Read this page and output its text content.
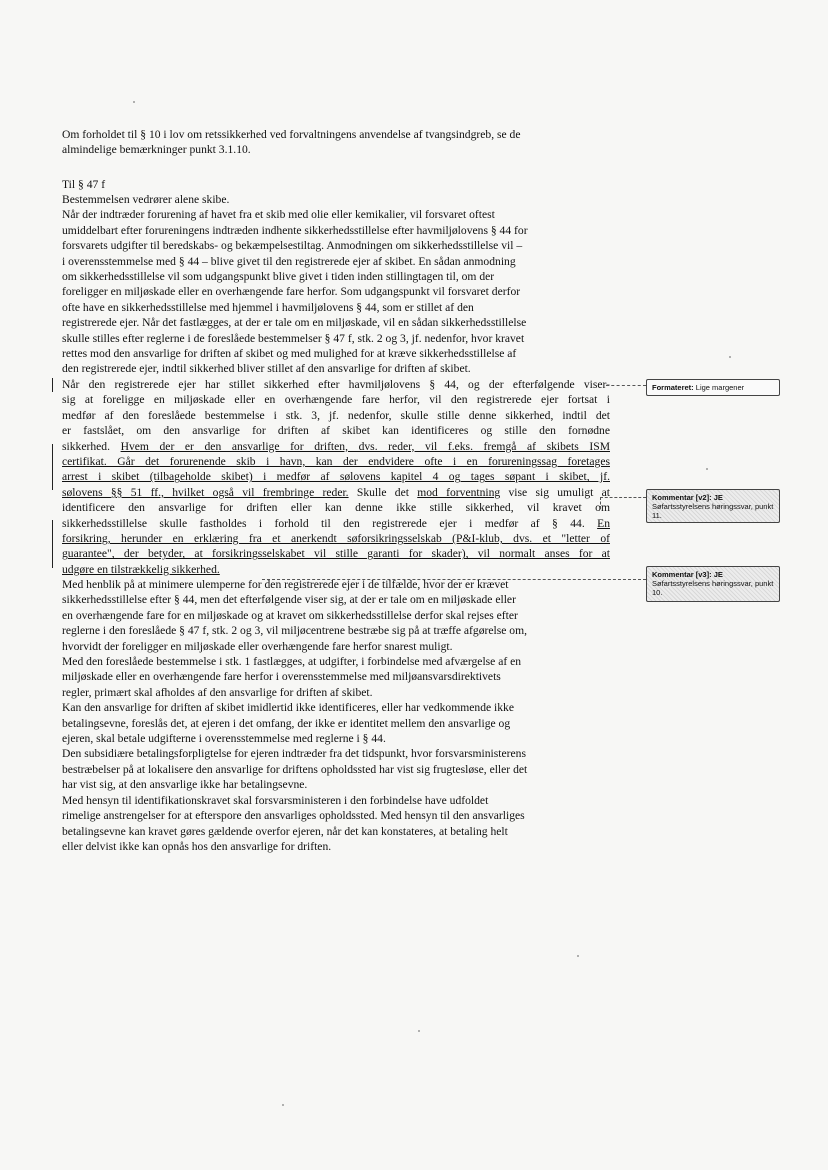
Om forholdet til § 10 i lov om retssikkerhed ved forvaltningens anvendelse af tvangsindgreb, se de
almindelige bemærkninger punkt 3.1.10.
Til § 47 f
Bestemmelsen vedrører alene skibe.
Når der indtræder forurening af havet fra et skib med olie eller kemikalier, vil forsvaret oftest
umiddelbart efter forureningens indtræden indhente sikkerhedsstillelse efter havmiljølovens § 44 for
forsvarets udgifter til beredskabs- og bekæmpelsestiltag. Anmodningen om sikkerhedsstillelse vil –
i overensstemmelse med § 44 – blive givet til den registrerede ejer af skibet. En sådan anmodning
om sikkerhedsstillelse vil som udgangspunkt blive givet i tiden inden stillingtagen til, om der
foreligger en miljøskade eller en overhængende fare herfor. Som udgangspunkt vil forsvaret derfor
ofte have en sikkerhedsstillelse med hjemmel i havmiljølovens § 44, som er stillet af den
registrerede ejer. Når det fastlægges, at der er tale om en miljøskade, vil en sådan sikkerhedsstillelse
skulle stilles efter reglerne i de foreslåede bestemmelser § 47 f, stk. 2 og 3, jf. nedenfor, hvor kravet
rettes mod den ansvarlige for driften af skibet og med mulighed for at kræve sikkerhedsstillelse af
den registrerede ejer, indtil sikkerhed bliver stillet af den ansvarlige for driften af skibet.
Når den registrerede ejer har stillet sikkerhed efter havmiljølovens § 44, og der efterfølgende viser-
sig at foreligge en miljøskade eller en overhængende fare herfor, vil den registrerede ejer fortsat i
medfør af den foreslåede bestemmelse i stk. 3, jf. nedenfor, skulle stille denne sikkerhed, indtil det
er fastslået, om den ansvarlige for driften af skibet kan identificeres og stille den fornødne
sikkerhed. Hvem der er den ansvarlige for driften, dvs. reder, vil f.eks. fremgå af skibets ISM
certifikat. Går det forurenende skib i havn, kan der endvidere ofte i en forureningssag foretages
arrest i skibet (tilbageholde skibet) i medfør af sølovens kapitel 4 og tages søpant i skibet, jf.
sølovens §§ 51 ff., hvilket også vil frembringe reder. Skulle det mod forventning vise sig umuligt at
identificere den ansvarlige for driften eller kan denne ikke stille sikkerhed, vil kravet om
sikkerhedsstillelse skulle fastholdes i forhold til den registrerede ejer i medfør af § 44. En
forsikring, herunder en erklæring fra et anerkendt søforsikringsselskab (P&I-klub, dvs. et "letter of
guarantee", der betyder, at forsikringsselskabet vil stille garanti for skader), vil normalt anses for at
udgøre en tilstrækkelig sikkerhed.
Med henblik på at minimere ulemperne for den registrerede ejer i de tilfælde, hvor der er krævet
sikkerhedsstillelse efter § 44, men det efterfølgende viser sig, at der er tale om en miljøskade eller
en overhængende fare for en miljøskade og at kravet om sikkerhedsstillelse derfor skal rejses efter
reglerne i den foreslåede § 47 f, stk. 2 og 3, vil miljøcentrene bestræbe sig på at træffe afgørelse om,
hvorvidt der foreligger en miljøskade eller overhængende fare herfor snarest muligt.
Med den foreslåede bestemmelse i stk. 1 fastlægges, at udgifter, i forbindelse med afværgelse af en
miljøskade eller en overhængende fare herfor i overensstemmelse med miljøansvarsdirektivets
regler, primært skal afholdes af den ansvarlige for driften af skibet.
Kan den ansvarlige for driften af skibet imidlertid ikke identificeres, eller har vedkommende ikke
betalingsevne, foreslås det, at ejeren i det omfang, der ikke er identitet mellem den ansvarlige og
ejeren, skal betale udgifterne i overensstemmelse med reglerne i § 44.
Den subsidiære betalingsforpligtelse for ejeren indtræder fra det tidspunkt, hvor forsvarsministerens
bestræbelser på at lokalisere den ansvarlige for driftens opholdssted har vist sig frugtesløse, eller det
har vist sig, at den ansvarlige ikke har betalingsevne.
Med hensyn til identifikationskravet skal forsvarsministeren i den forbindelse have udfoldet
rimelige anstrengelser for at efterspore den ansvarliges opholdssted. Med hensyn til den ansvarliges
betalingsevne kan kravet gøres gældende overfor ejeren, når det kan konstateres, at betaling helt
eller delvist ikke kan opnås hos den ansvarlige for driften.
Formateret: Lige margener
Kommentar [v2]: JE
Søfartsstyrelsens høringssvar, punkt 11.
Kommentar [v3]: JE
Søfartsstyrelsens høringssvar, punkt 10.
